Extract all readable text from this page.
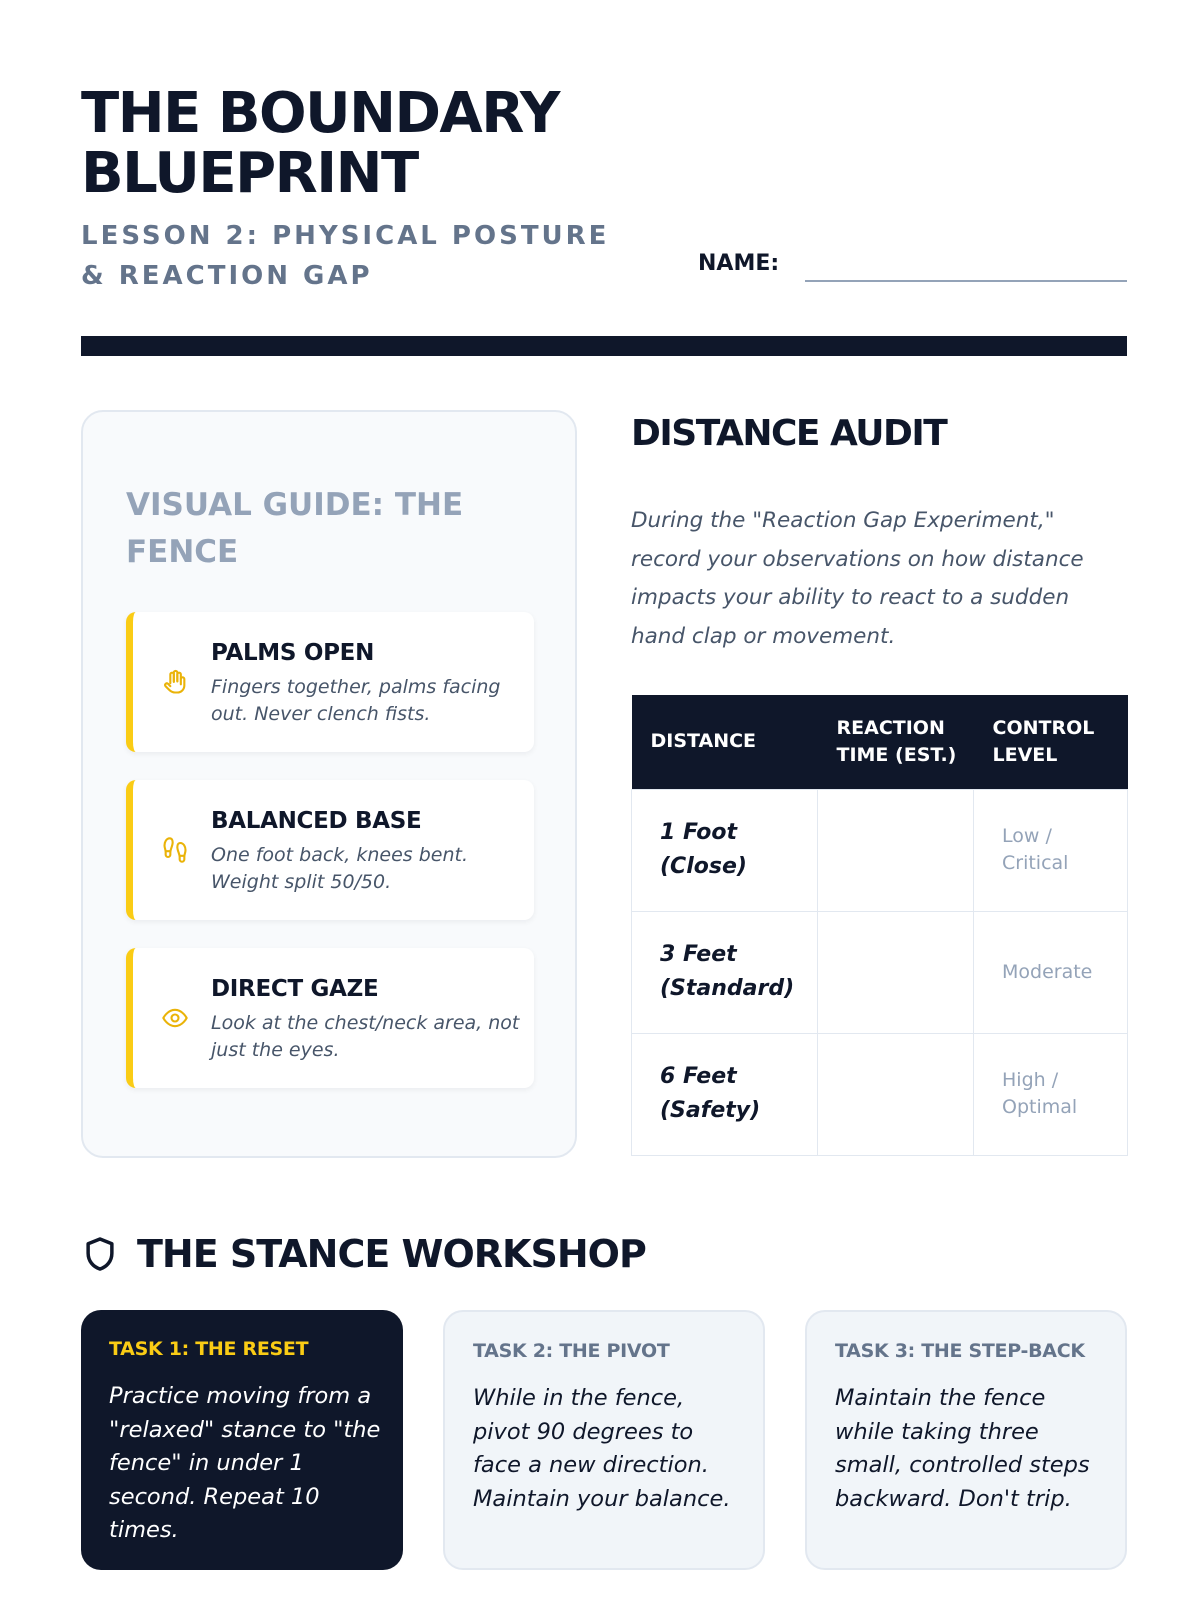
THE BOUNDARY BLUEPRINT
LESSON 2: PHYSICAL POSTURE & REACTION GAP	NAME:
VISUAL GUIDE: THE FENCE
PALMS OPEN
Fingers together, palms facing out. Never clench fists.
BALANCED BASE
One foot back, knees bent. Weight split 50/50.
DIRECT GAZE
Look at the chest/neck area, not just the eyes.
DISTANCE AUDIT

During the "Reaction Gap Experiment," record your observations on how distance impacts your ability to react to a sudden hand clap or movement.

DISTANCE	REACTION TIME (EST.)	CONTROL LEVEL
1 Foot (Close)		Low / Critical
3 Feet (Standard)		Moderate
6 Feet (Safety)		High / Optimal
THE STANCE WORKSHOP
TASK 1: THE RESET
Practice moving from a "relaxed" stance to "the fence" in under 1 second. Repeat 10 times.
TASK 2: THE PIVOT
While in the fence, pivot 90 degrees to face a new direction. Maintain your balance.
TASK 3: THE STEP-BACK
Maintain the fence while taking three small, controlled steps backward. Don't trip.
